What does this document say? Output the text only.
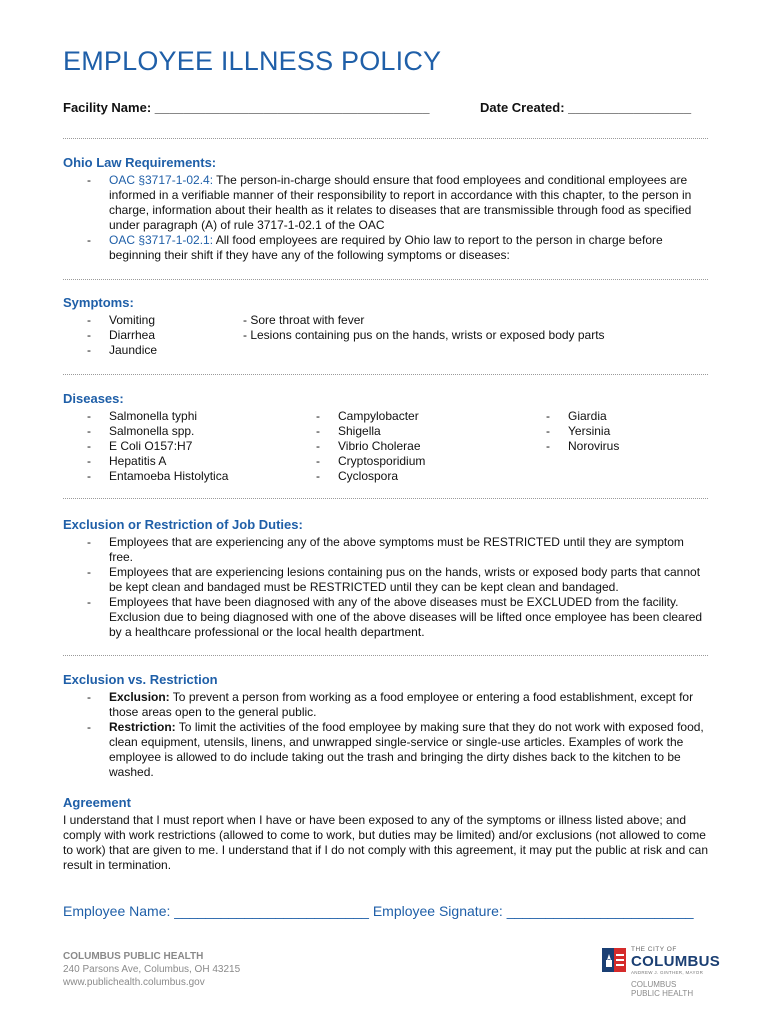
EMPLOYEE ILLNESS POLICY
Facility Name: ______________________________________	Date Created: _________________
Ohio Law Requirements:
- OAC §3717-1-02.4: The person-in-charge should ensure that food employees and conditional employees are informed in a verifiable manner of their responsibility to report in accordance with this chapter, to the person in charge, information about their health as it relates to diseases that are transmissible through food as specified under paragraph (A) of rule 3717-1-02.1 of the OAC
- OAC §3717-1-02.1: All food employees are required by Ohio law to report to the person in charge before beginning their shift if they have any of the following symptoms or diseases:
Symptoms:
- Vomiting
- Diarrhea
- Jaundice
- Sore throat with fever
- Lesions containing pus on the hands, wrists or exposed body parts
Diseases:
- Salmonella typhi
- Salmonella spp.
- E Coli O157:H7
- Hepatitis A
- Entamoeba Histolytica
- Campylobacter
- Shigella
- Vibrio Cholerae
- Cryptosporidium
- Cyclospora
- Giardia
- Yersinia
- Norovirus
Exclusion or Restriction of Job Duties:
- Employees that are experiencing any of the above symptoms must be RESTRICTED until they are symptom free.
- Employees that are experiencing lesions containing pus on the hands, wrists or exposed body parts that cannot be kept clean and bandaged must be RESTRICTED until they can be kept clean and bandaged.
- Employees that have been diagnosed with any of the above diseases must be EXCLUDED from the facility. Exclusion due to being diagnosed with one of the above diseases will be lifted once employee has been cleared by a healthcare professional or the local health department.
Exclusion vs. Restriction
- Exclusion: To prevent a person from working as a food employee or entering a food establishment, except for those areas open to the general public.
- Restriction: To limit the activities of the food employee by making sure that they do not work with exposed food, clean equipment, utensils, linens, and unwrapped single-service or single-use articles. Examples of work the employee is allowed to do include taking out the trash and bringing the dirty dishes back to the kitchen to be washed.
Agreement

I understand that I must report when I have or have been exposed to any of the symptoms or illness listed above; and comply with work restrictions (allowed to come to work, but duties may be limited) and/or exclusions (not allowed to come to work) that are given to me. I understand that if I do not comply with this agreement, it may put the public at risk and can result in termination.

Employee Name: _________________________ Employee Signature: ________________________
COLUMBUS PUBLIC HEALTH
240 Parsons Ave, Columbus, OH 43215
www.publichealth.columbus.gov
THE CITY OF
COLUMBUS
ANDREW J. GINTHER, MAYOR
COLUMBUS
PUBLIC HEALTH
